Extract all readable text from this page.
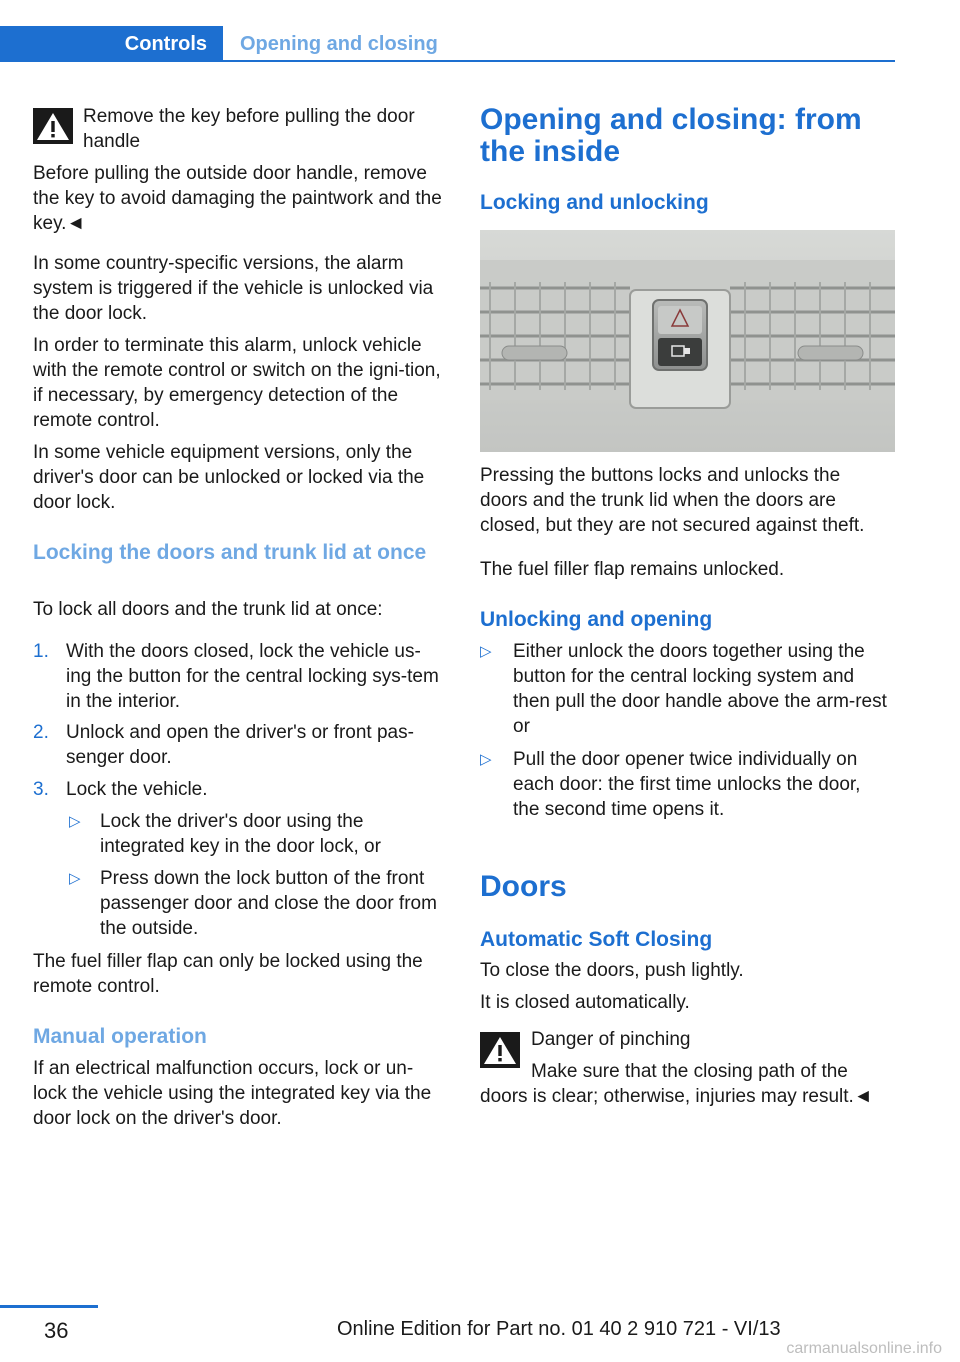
Controls	Opening and closing

Remove the key before pulling the door handle

Before pulling the outside door handle, remove the key to avoid damaging the paintwork and the key.◄

In some country-specific versions, the alarm system is triggered if the vehicle is unlocked via the door lock.

In order to terminate this alarm, unlock vehicle with the remote control or switch on the igni‐tion, if necessary, by emergency detection of the remote control.

In some vehicle equipment versions, only the driver's door can be unlocked or locked via the door lock.

Locking the doors and trunk lid at once

To lock all doors and the trunk lid at once:

1. With the doors closed, lock the vehicle us‐ing the button for the central locking sys‐tem in the interior.
2. Unlock and open the driver's or front pas‐senger door.
3. Lock the vehicle.
▷ Lock the driver's door using the integrated key in the door lock, or
▷ Press down the lock button of the front passenger door and close the door from the outside.

The fuel filler flap can only be locked using the remote control.

Manual operation

If an electrical malfunction occurs, lock or un‐lock the vehicle using the integrated key via the door lock on the driver's door.

Opening and closing: from the inside

Locking and unlocking

Pressing the buttons locks and unlocks the doors and the trunk lid when the doors are closed, but they are not secured against theft.

The fuel filler flap remains unlocked.

Unlocking and opening

▷ Either unlock the doors together using the button for the central locking system and then pull the door handle above the arm‐rest or
▷ Pull the door opener twice individually on each door: the first time unlocks the door, the second time opens it.

Doors

Automatic Soft Closing

To close the doors, push lightly.

It is closed automatically.

Danger of pinching

Make sure that the closing path of the doors is clear; otherwise, injuries may result.◄

36	Online Edition for Part no. 01 40 2 910 721 - VI/13
carmanualsonline.info
